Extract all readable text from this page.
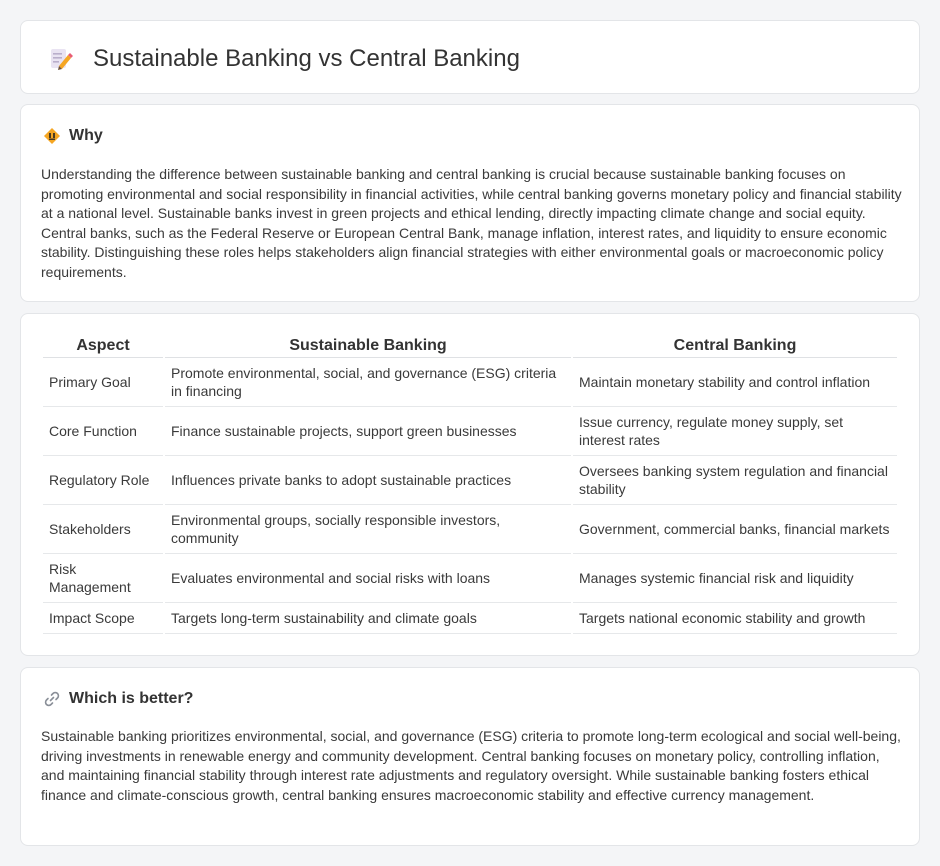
Sustainable Banking vs Central Banking
Why

Understanding the difference between sustainable banking and central banking is crucial because sustainable banking focuses on promoting environmental and social responsibility in financial activities, while central banking governs monetary policy and financial stability at a national level. Sustainable banks invest in green projects and ethical lending, directly impacting climate change and social equity. Central banks, such as the Federal Reserve or European Central Bank, manage inflation, interest rates, and liquidity to ensure economic stability. Distinguishing these roles helps stakeholders align financial strategies with either environmental goals or macroeconomic policy requirements.

Aspect	Sustainable Banking	Central Banking
Primary Goal	Promote environmental, social, and governance (ESG) criteria in financing	Maintain monetary stability and control inflation
Core Function	Finance sustainable projects, support green businesses	Issue currency, regulate money supply, set interest rates
Regulatory Role	Influences private banks to adopt sustainable practices	Oversees banking system regulation and financial stability
Stakeholders	Environmental groups, socially responsible investors, community	Government, commercial banks, financial markets
Risk Management	Evaluates environmental and social risks with loans	Manages systemic financial risk and liquidity
Impact Scope	Targets long-term sustainability and climate goals	Targets national economic stability and growth
Which is better?

Sustainable banking prioritizes environmental, social, and governance (ESG) criteria to promote long-term ecological and social well-being, driving investments in renewable energy and community development. Central banking focuses on monetary policy, controlling inflation, and maintaining financial stability through interest rate adjustments and regulatory oversight. While sustainable banking fosters ethical finance and climate-conscious growth, central banking ensures macroeconomic stability and effective currency management.
